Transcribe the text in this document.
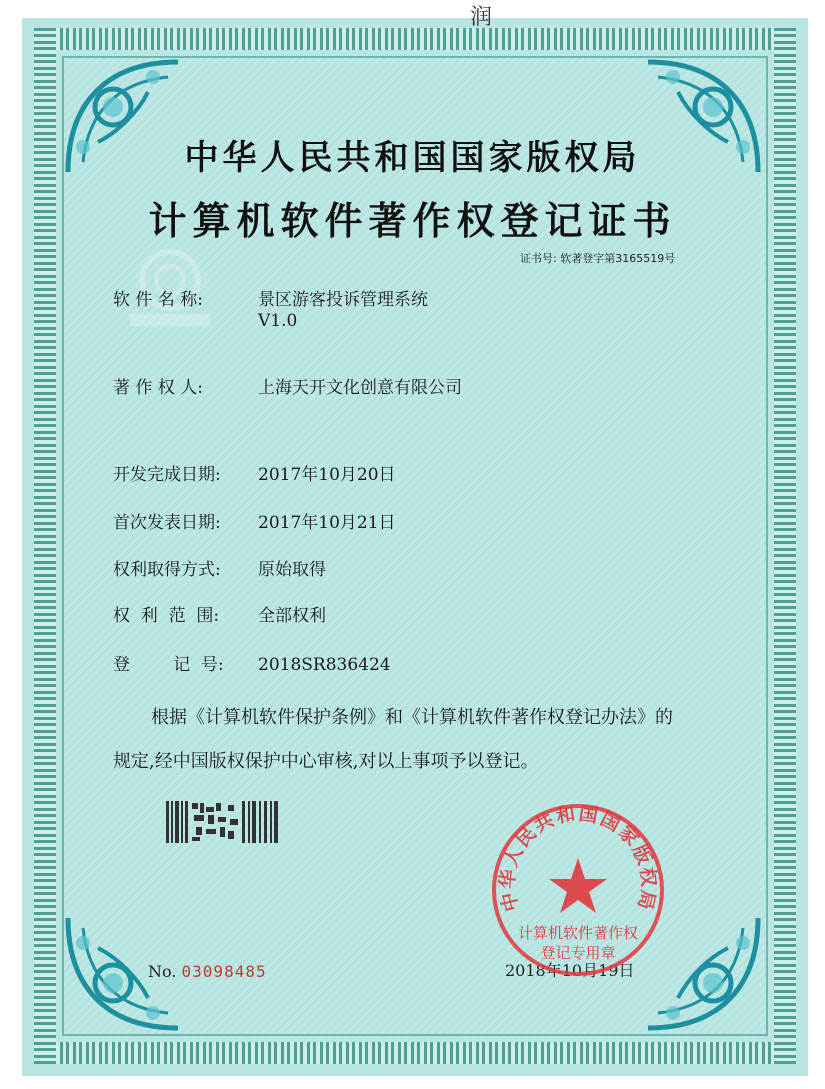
润
中华人民共和国国家版权局
计算机软件著作权登记证书
证书号: 软著登字第3165519号
软 件 名 称:	景区游客投诉管理系统
V1.0
著 作 权 人:	上海天开文化创意有限公司
开发完成日期: 2017年10月20日
首次发表日期: 2017年10月21日
权利取得方式: 原始取得
权  利  范  围: 全部权利
登        记  号: 2018SR836424
根据《计算机软件保护条例》和《计算机软件著作权登记办法》的
规定,经中国版权保护中心审核,对以上事项予以登记。
No. 03098485	2018年10月19日
中华人民共和国国家版权局
计算机软件著作权
登记专用章
